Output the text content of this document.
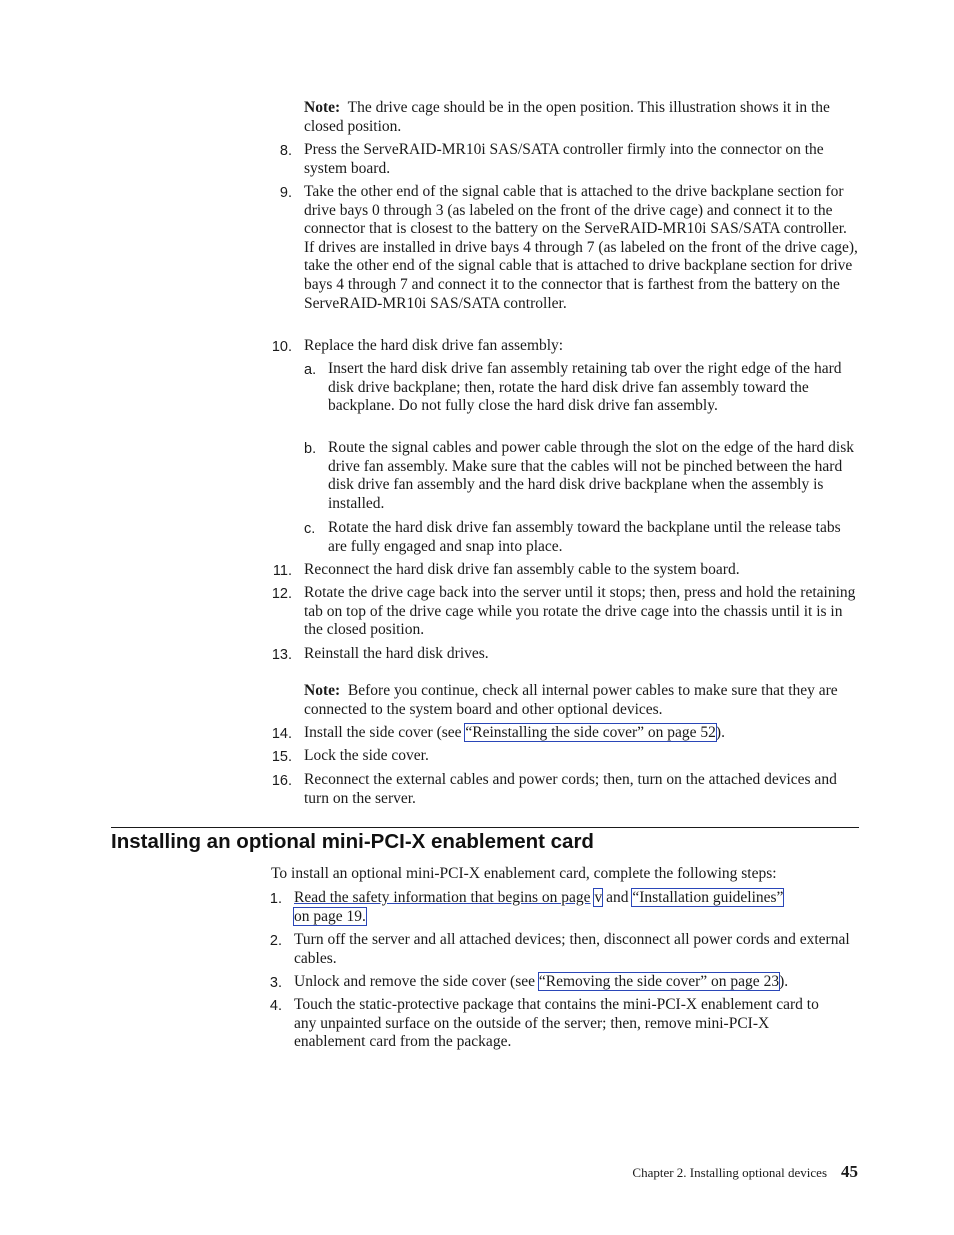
Note: The drive cage should be in the open position. This illustration shows it in the closed position.

8. Press the ServeRAID-MR10i SAS/SATA controller firmly into the connector on the system board.

9. Take the other end of the signal cable that is attached to the drive backplane section for drive bays 0 through 3 (as labeled on the front of the drive cage) and connect it to the connector that is closest to the battery on the ServeRAID-MR10i SAS/SATA controller. If drives are installed in drive bays 4 through 7 (as labeled on the front of the drive cage), take the other end of the signal cable that is attached to drive backplane section for drive bays 4 through 7 and connect it to the connector that is farthest from the battery on the ServeRAID-MR10i SAS/SATA controller.

10. Replace the hard disk drive fan assembly:

a. Insert the hard disk drive fan assembly retaining tab over the right edge of the hard disk drive backplane; then, rotate the hard disk drive fan assembly toward the backplane. Do not fully close the hard disk drive fan assembly.

b. Route the signal cables and power cable through the slot on the edge of the hard disk drive fan assembly. Make sure that the cables will not be pinched between the hard disk drive fan assembly and the hard disk drive backplane when the assembly is installed.

c. Rotate the hard disk drive fan assembly toward the backplane until the release tabs are fully engaged and snap into place.

11. Reconnect the hard disk drive fan assembly cable to the system board.

12. Rotate the drive cage back into the server until it stops; then, press and hold the retaining tab on top of the drive cage while you rotate the drive cage into the chassis until it is in the closed position.

13. Reinstall the hard disk drives.

Note: Before you continue, check all internal power cables to make sure that they are connected to the system board and other optional devices.

14. Install the side cover (see “Reinstalling the side cover” on page 52).

15. Lock the side cover.

16. Reconnect the external cables and power cords; then, turn on the attached devices and turn on the server.

Installing an optional mini-PCI-X enablement card

To install an optional mini-PCI-X enablement card, complete the following steps:

1. Read the safety information that begins on page v and “Installation guidelines”

on page 19.

2. Turn off the server and all attached devices; then, disconnect all power cords and external cables.

3. Unlock and remove the side cover (see “Removing the side cover” on page 23).

4. Touch the static-protective package that contains the mini-PCI-X enablement card to any unpainted surface on the outside of the server; then, remove mini-PCI-X enablement card from the package.

Chapter 2. Installing optional devices 45
